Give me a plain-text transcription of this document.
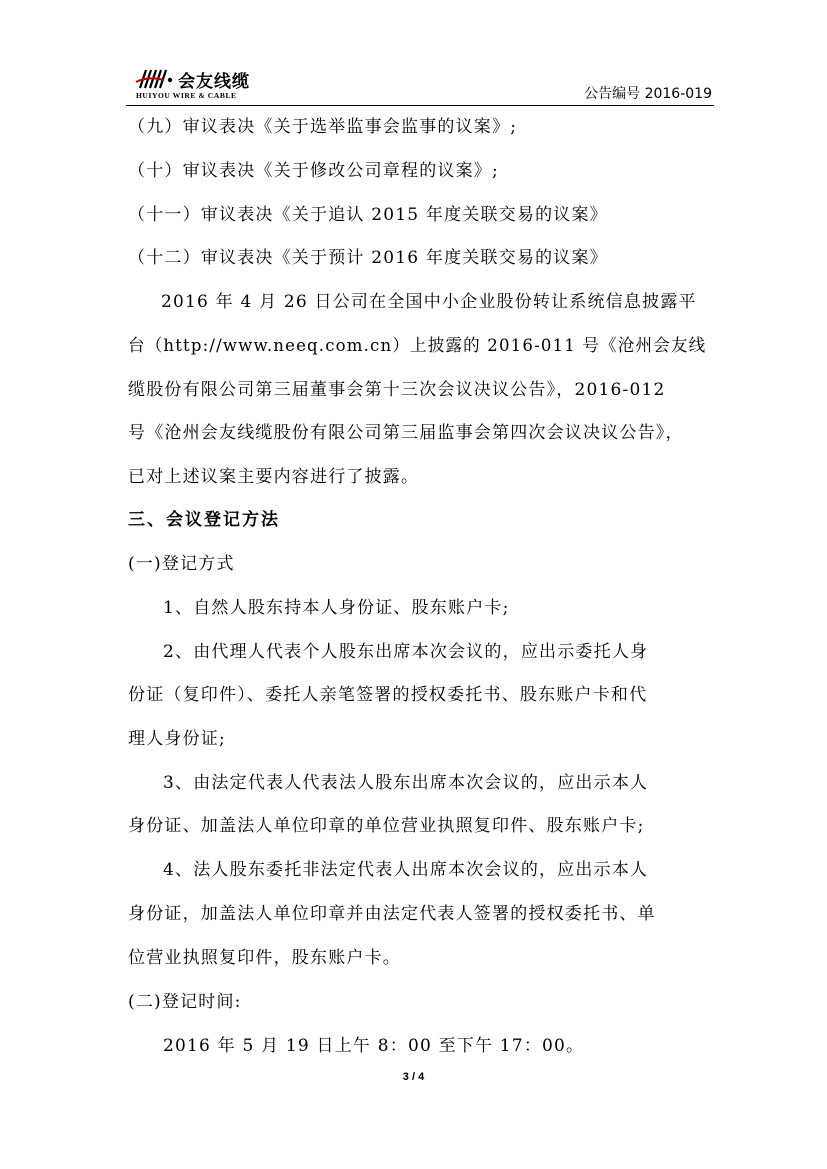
会友线缆
HUIYOU WIRE & CABLE	公告编号 2016-019
（九）审议表决《关于选举监事会监事的议案》;
（十）审议表决《关于修改公司章程的议案》;
（十一）审议表决《关于追认 2015 年度关联交易的议案》
（十二）审议表决《关于预计 2016 年度关联交易的议案》
2016 年 4 月 26 日公司在全国中小企业股份转让系统信息披露平
台（http://www.neeq.com.cn）上披露的 2016-011 号《沧州会友线
缆股份有限公司第三届董事会第十三次会议决议公告》，2016-012
号《沧州会友线缆股份有限公司第三届监事会第四次会议决议公告》，
已对上述议案主要内容进行了披露。
三、会议登记方法
(一)登记方式
1、自然人股东持本人身份证、股东账户卡;
2、由代理人代表个人股东出席本次会议的，应出示委托人身
份证（复印件）、委托人亲笔签署的授权委托书、股东账户卡和代
理人身份证;
3、由法定代表人代表法人股东出席本次会议的，应出示本人
身份证、加盖法人单位印章的单位营业执照复印件、股东账户卡;
4、法人股东委托非法定代表人出席本次会议的，应出示本人
身份证，加盖法人单位印章并由法定代表人签署的授权委托书、单
位营业执照复印件，股东账户卡。
(二)登记时间:
2016 年 5 月 19 日上午 8：00 至下午 17：00。
3 / 4
